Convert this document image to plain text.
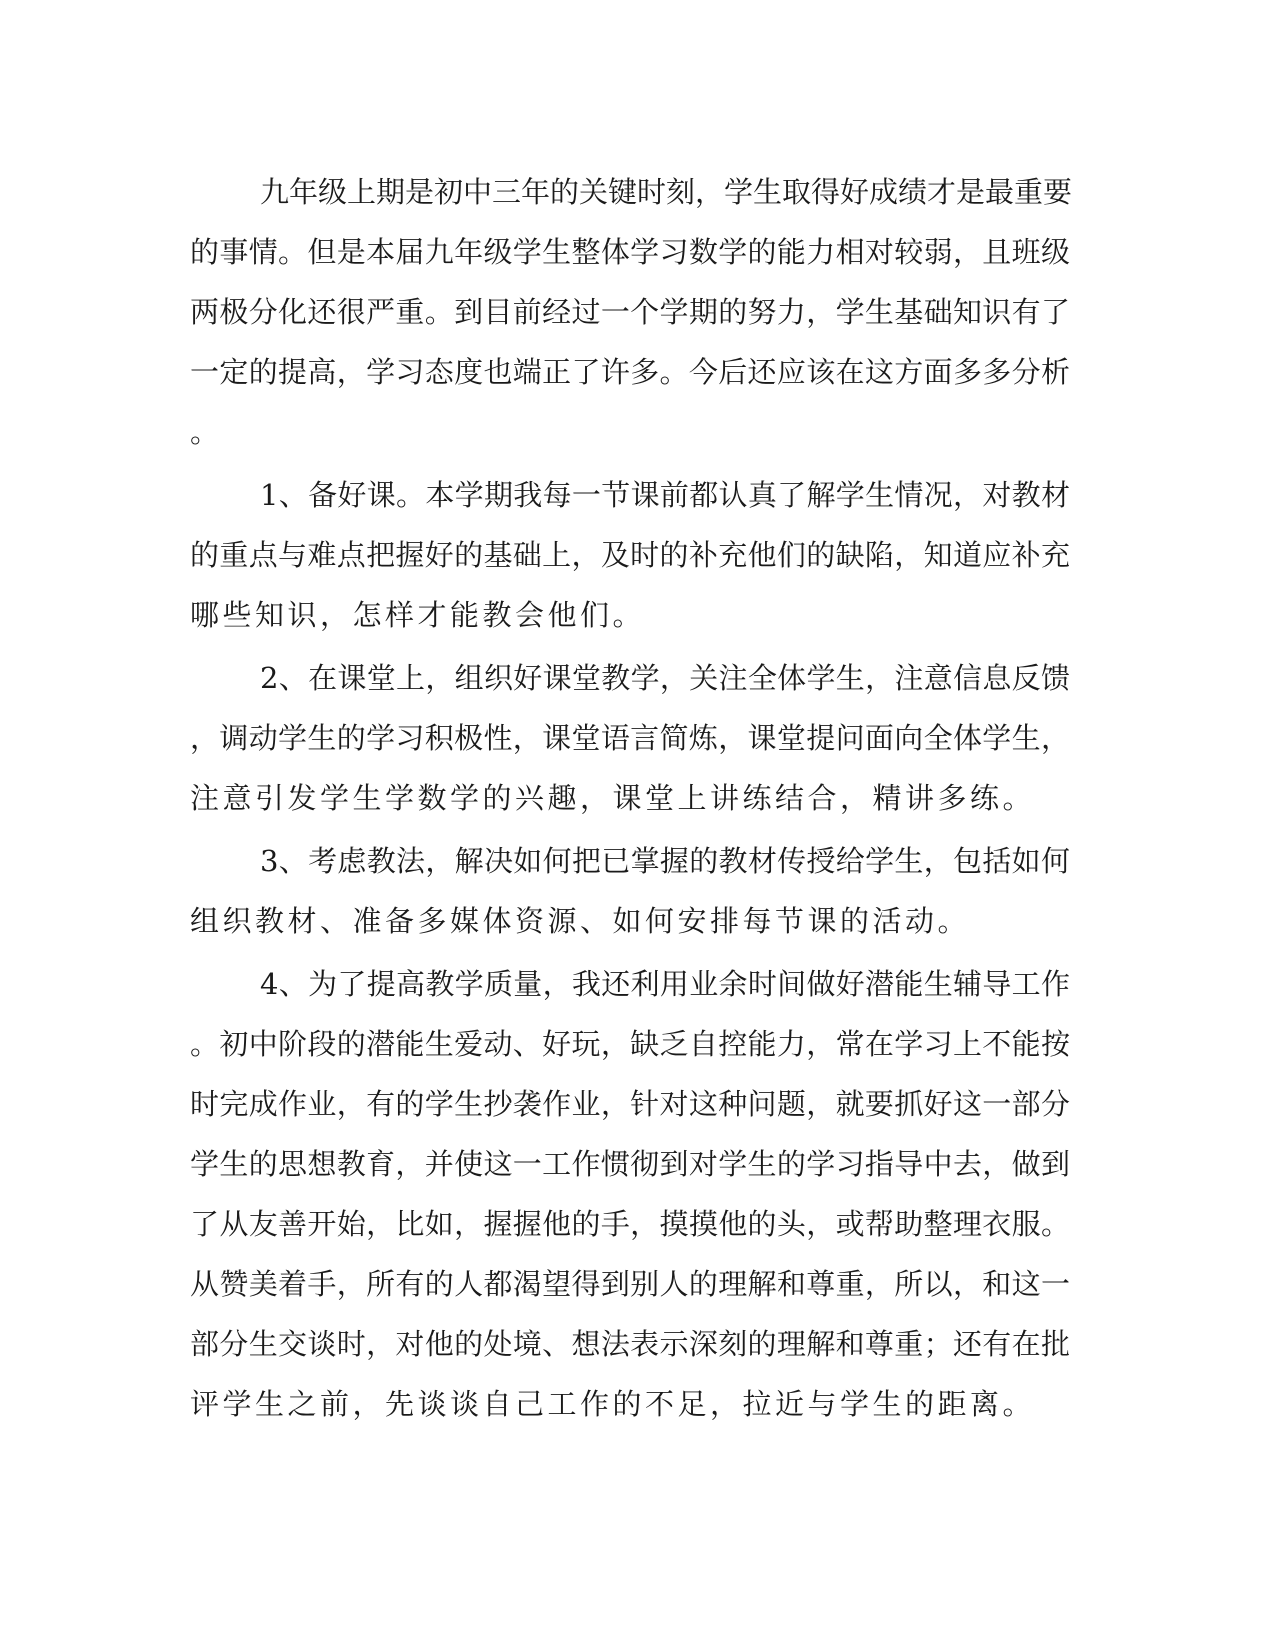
九年级上期是初中三年的关键时刻，学生取得好成绩才是最重要
的事情。但是本届九年级学生整体学习数学的能力相对较弱，且班级
两极分化还很严重。到目前经过一个学期的努力，学生基础知识有了
一定的提高，学习态度也端正了许多。今后还应该在这方面多多分析
。
1、备好课。本学期我每一节课前都认真了解学生情况，对教材
的重点与难点把握好的基础上，及时的补充他们的缺陷，知道应补充
哪些知识，怎样才能教会他们。
2、在课堂上，组织好课堂教学，关注全体学生，注意信息反馈
，调动学生的学习积极性，课堂语言简炼，课堂提问面向全体学生，
注意引发学生学数学的兴趣，课堂上讲练结合，精讲多练。
3、考虑教法，解决如何把已掌握的教材传授给学生，包括如何
组织教材、准备多媒体资源、如何安排每节课的活动。
4、为了提高教学质量，我还利用业余时间做好潜能生辅导工作
。初中阶段的潜能生爱动、好玩，缺乏自控能力，常在学习上不能按
时完成作业，有的学生抄袭作业，针对这种问题，就要抓好这一部分
学生的思想教育，并使这一工作惯彻到对学生的学习指导中去，做到
了从友善开始，比如，握握他的手，摸摸他的头，或帮助整理衣服。
从赞美着手，所有的人都渴望得到别人的理解和尊重，所以，和这一
部分生交谈时，对他的处境、想法表示深刻的理解和尊重；还有在批
评学生之前，先谈谈自己工作的不足，拉近与学生的距离。
